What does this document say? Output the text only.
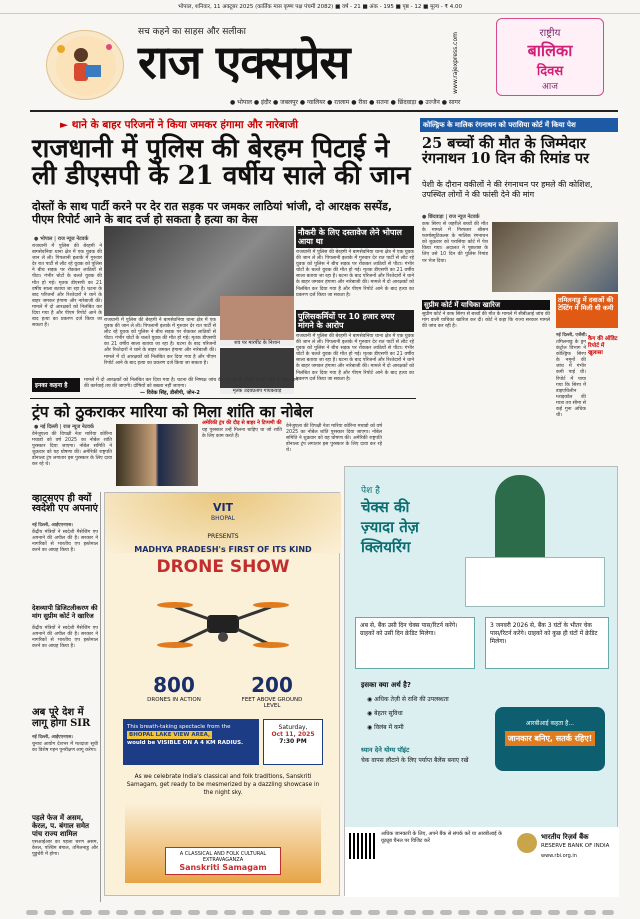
भोपाल, शनिवार, 11 अक्टूबर 2025 (कार्तिक मास कृष्ण पक्ष पंचमी 2082) ■ वर्ष - 21 ■ अंक - 195 ■ पृष्ठ - 12 ■ मूल्य - ₹ 4.00
सच कहने का साहस और सलीका
राज एक्सप्रेस	www.rajexpress.com
● भोपाल ● इंदौर ● जबलपुर ● ग्वालियर ● रतलाम ● रीवा ● सतना ● छिंदवाड़ा ● उज्जैन ● सागर
राष्ट्रीय
बालिका
दिवस
आज
► थाने के बाहर परिजनों ने किया जमकर हंगामा और नारेबाजी
राजधानी में पुलिस की बेरहम पिटाई ने ली डीएसपी के 21 वर्षीय साले की जान
दोस्तों के साथ पार्टी करने पर देर रात सड़क पर जमकर लाठियां भांजी, दो आरक्षक सस्पेंड, पीएम रिपोर्ट आने के बाद दर्ज हो सकता है हत्या का केस
● भोपाल | राज न्यूज नेटवर्क
राजधानी में पुलिस की बेरहमी ने बागसेवनिया थाना क्षेत्र में एक युवक की जान ले ली। पिपलानी इलाके में गुरुवार देर रात पार्टी से लौट रहे युवक को पुलिस ने बीच सड़क पर रोककर लाठियों से पीटा। गंभीर चोटों के चलते युवक की मौत हो गई। मृतक डीएसपी का 21 वर्षीय साला बताया जा रहा है। घटना के बाद परिजनों और रिश्तेदारों ने थाने के बाहर जमकर हंगामा और नारेबाजी की। मामले में दो आरक्षकों को निलंबित कर दिया गया है और पीएम रिपोर्ट आने के बाद हत्या का प्रकरण दर्ज किया जा सकता है।
राजधानी में पुलिस की बेरहमी ने बागसेवनिया थाना क्षेत्र में एक युवक की जान ले ली। पिपलानी इलाके में गुरुवार देर रात पार्टी से लौट रहे युवक को पुलिस ने बीच सड़क पर रोककर लाठियों से पीटा। गंभीर चोटों के चलते युवक की मौत हो गई। मृतक डीएसपी का 21 वर्षीय साला बताया जा रहा है। घटना के बाद परिजनों और रिश्तेदारों ने थाने के बाहर जमकर हंगामा और नारेबाजी की। मामले में दो आरक्षकों को निलंबित कर दिया गया है और पीएम रिपोर्ट आने के बाद हत्या का प्रकरण दर्ज किया जा सकता है।
शव पर मारपीट के निशान
मृतक उदयप्रताप गायकवाड़
नौकरी के लिए दस्तावेज लेने भोपाल आया था
राजधानी में पुलिस की बेरहमी ने बागसेवनिया थाना क्षेत्र में एक युवक की जान ले ली। पिपलानी इलाके में गुरुवार देर रात पार्टी से लौट रहे युवक को पुलिस ने बीच सड़क पर रोककर लाठियों से पीटा। गंभीर चोटों के चलते युवक की मौत हो गई। मृतक डीएसपी का 21 वर्षीय साला बताया जा रहा है। घटना के बाद परिजनों और रिश्तेदारों ने थाने के बाहर जमकर हंगामा और नारेबाजी की। मामले में दो आरक्षकों को निलंबित कर दिया गया है और पीएम रिपोर्ट आने के बाद हत्या का प्रकरण दर्ज किया जा सकता है।
पुलिसकर्मियों पर 10 हजार रुपए मांगने के आरोप
राजधानी में पुलिस की बेरहमी ने बागसेवनिया थाना क्षेत्र में एक युवक की जान ले ली। पिपलानी इलाके में गुरुवार देर रात पार्टी से लौट रहे युवक को पुलिस ने बीच सड़क पर रोककर लाठियों से पीटा। गंभीर चोटों के चलते युवक की मौत हो गई। मृतक डीएसपी का 21 वर्षीय साला बताया जा रहा है। घटना के बाद परिजनों और रिश्तेदारों ने थाने के बाहर जमकर हंगामा और नारेबाजी की। मामले में दो आरक्षकों को निलंबित कर दिया गया है और पीएम रिपोर्ट आने के बाद हत्या का प्रकरण दर्ज किया जा सकता है।
इनका कहना है
मामले में दो आरक्षकों को निलंबित कर दिया गया है। घटना की निष्पक्ष जांच की जा रही है, पीएम रिपोर्ट आने के बाद आगे की कार्रवाई तय की जाएगी। दोषियों को बख्शा नहीं जाएगा।
— विवेक सिंह, डीसीपी, जोन-2
कोल्ड्रिफ के मालिक रंगनाथन को परासिया कोर्ट में किया पेश
25 बच्चों की मौत के जिम्मेदार रंगनाथन 10 दिन की रिमांड पर
पेशी के दौरान वकीलों ने की रंगनाथन पर हमले की कोशिश, उपस्थित लोगों ने की फांसी देने की मांग
● छिंदवाड़ा | राज न्यूज नेटवर्क
कफ सिरप से जहरीले बच्चों की मौत के मामले में गिरफ्तार श्रीसन फार्मास्युटिकल्स के मालिक रंगनाथन को शुक्रवार को परासिया कोर्ट में पेश किया गया। अदालत ने पूछताछ के लिए उसे 10 दिन की पुलिस रिमांड पर भेज दिया।
सुप्रीम कोर्ट में याचिका खारिज
सुप्रीम कोर्ट ने कफ सिरप से बच्चों की मौत के मामले में सीबीआई जांच की मांग वाली याचिका खारिज कर दी। कोर्ट ने कहा कि राज्य सरकार मामले की जांच कर रही है।
तमिलनाडु में दवाओं की टेस्टिंग में मिली थी कमी
नई दिल्ली, एजेंसी:
कैग की ऑडिट रिपोर्ट में खुलासा
तमिलनाडु के ड्रग कंट्रोल विभाग ने कोल्ड्रिफ सिरप के नमूनों की जांच में गंभीर कमी पाई थी। रिपोर्ट में पाया गया कि सिरप में डाइएथिलीन ग्लाइकॉल की मात्रा तय सीमा से कई गुना अधिक थी।
ट्रंप को ठुकराकर मारिया को मिला शांति का नोबेल
● नई दिल्ली | राज न्यूज नेटवर्क
वेनेजुएला की विपक्षी नेता मारिया कोरिना मचाडो को वर्ष 2025 का नोबेल शांति पुरस्कार दिया जाएगा। नोबेल समिति ने शुक्रवार को यह घोषणा की। अमेरिकी राष्ट्रपति डोनाल्ड ट्रंप लगातार इस पुरस्कार के लिए दावा कर रहे थे।
अमेरिकी ट्रंप की दौड़ से बाहर ने टिप्पणी की
यह पुरस्कार उन्हें मिलना चाहिए था जो शांति के लिए काम करते हैं।
वेनेजुएला की विपक्षी नेता मारिया कोरिना मचाडो को वर्ष 2025 का नोबेल शांति पुरस्कार दिया जाएगा। नोबेल समिति ने शुक्रवार को यह घोषणा की। अमेरिकी राष्ट्रपति डोनाल्ड ट्रंप लगातार इस पुरस्कार के लिए दावा कर रहे थे।
व्हाट्सएप ही क्यों स्वदेशी एप अपनाएं
नई दिल्ली, आईएएनएस।
केंद्रीय मंत्रियों ने स्वदेशी मैसेजिंग एप अपनाने की अपील की है। सरकार ने नागरिकों से भारतीय एप इस्तेमाल करने का आग्रह किया है।
देशव्यापी डिजिटलीकरण की मांग सुप्रीम कोर्ट ने खारिज
केंद्रीय मंत्रियों ने स्वदेशी मैसेजिंग एप अपनाने की अपील की है। सरकार ने नागरिकों से भारतीय एप इस्तेमाल करने का आग्रह किया है।
अब पूरे देश में लागू होगा SIR
नई दिल्ली, आईएएनएस।
चुनाव आयोग देशभर में मतदाता सूची का विशेष गहन पुनरीक्षण लागू करेगा।
पहले फेज में असम, केरल, प. बंगाल समेत पांच राज्य शामिल
एसआईआर का पहला चरण असम, केरल, पश्चिम बंगाल, तमिलनाडु और पुडुचेरी में होगा।
VIT
BHOPAL
PRESENTS
MADHYA PRADESH's FIRST OF ITS KIND
DRONE SHOW
800
DRONES IN ACTION
200
FEET ABOVE GROUND LEVEL
This breath-taking spectacle from the
BHOPAL LAKE VIEW AREA,
would be VISIBLE ON A 4 KM RADIUS.
Saturday,
Oct 11, 2025
7:30 PM
As we celebrate India's classical and folk traditions, Sanskriti Samagam, get ready to be mesmerized by a dazzling showcase in the night sky.
A CLASSICAL AND FOLK CULTURAL EXTRAVAGANZA
Sanskriti Samagam
पेश है
चेक्स की
ज़्यादा तेज़
क्लियरिंग
अब से, बैंक उसी दिन चेक्स पास/रिटर्न करेंगे। ग्राहकों को उसी दिन क्रेडिट मिलेगा।
3 जनवरी 2026 से, बैंक 3 घंटों के भीतर चेक पास/रिटर्न करेंगे। ग्राहकों को कुछ ही घंटों में क्रेडिट मिलेगा।
इसका क्या अर्थ है?
◉ अधिक तेज़ी से राशि की उपलब्धता
◉ बेहतर सुविधा
◉ विलंब में कमी
ध्यान देने योग्य पॉइंट
चेक वापस लौटाने के लिए पर्याप्त बैलेंस बनाए रखें
आरबीआई कहता है...
जानकार बनिए, सतर्क रहिए!
अधिक जानकारी के लिए, अपने बैंक से संपर्क करें या आरबीआई के यूट्यूब चैनल पर विजिट करें	भारतीय रिज़र्व बैंक
RESERVE BANK OF INDIA
www.rbi.org.in
